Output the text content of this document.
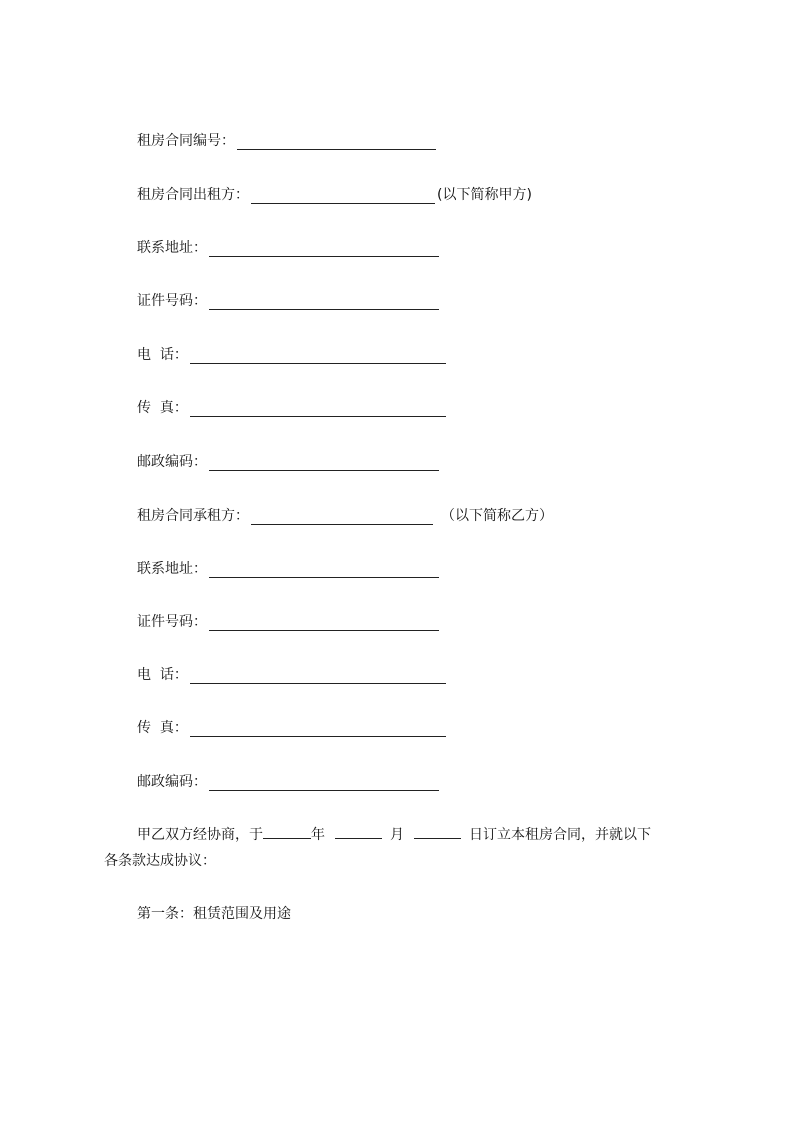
租房合同编号：
租房合同出租方：	(以下简称甲方)
联系地址：
证件号码：
电  话：
传  真：
邮政编码：
租房合同承租方：	（以下简称乙方）
联系地址：
证件号码：
电  话：
传  真：
邮政编码：
甲乙双方经协商，于	年	月	日订立本租房合同，并就以下
各条款达成协议：
第一条：租赁范围及用途
